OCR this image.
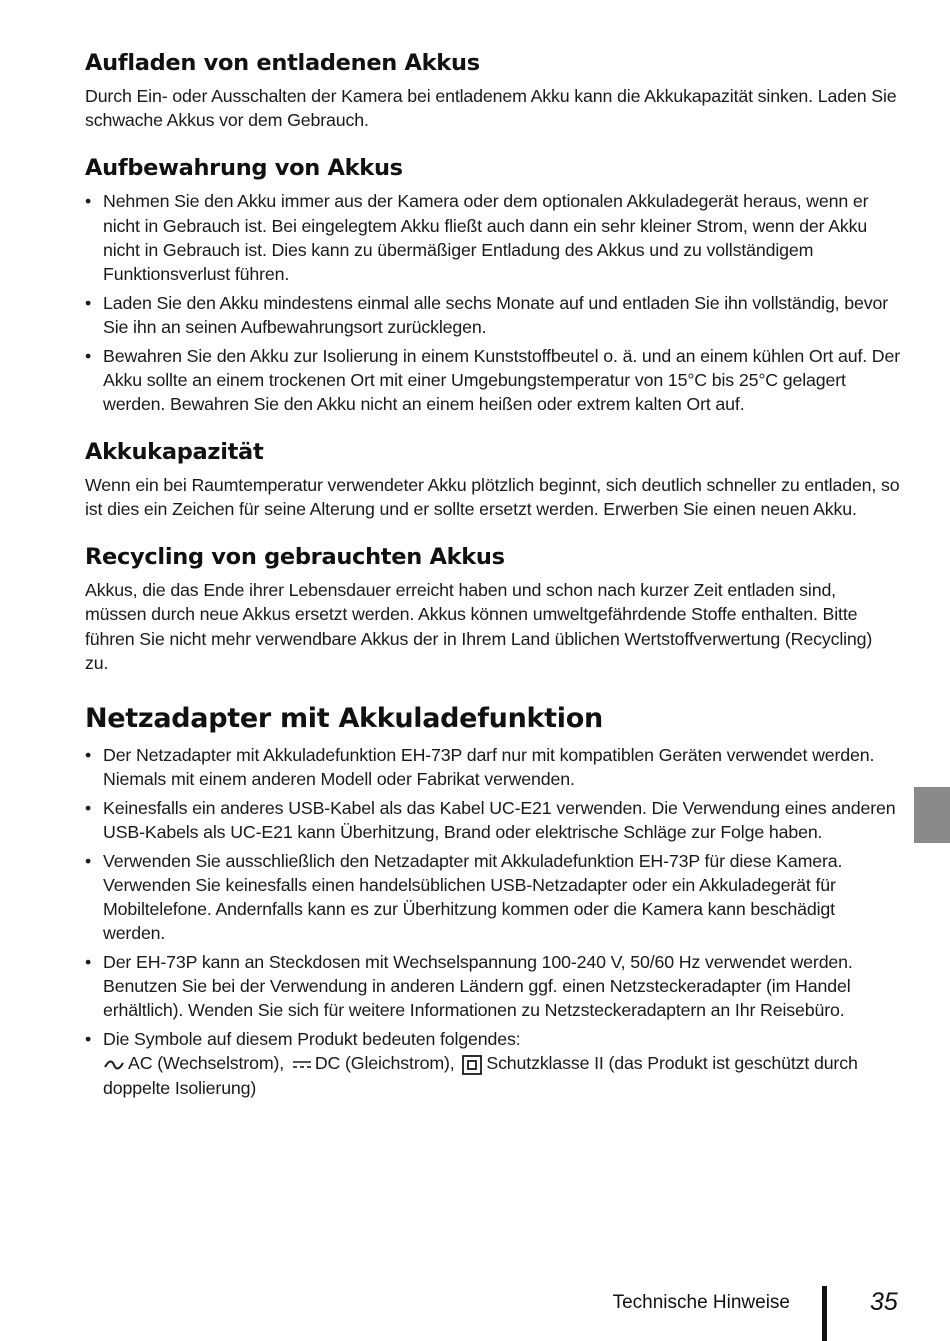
Aufladen von entladenen Akkus

Durch Ein- oder Ausschalten der Kamera bei entladenem Akku kann die Akkukapazität sinken. Laden Sie schwache Akkus vor dem Gebrauch.

Aufbewahrung von Akkus
• Nehmen Sie den Akku immer aus der Kamera oder dem optionalen Akkuladegerät heraus, wenn er nicht in Gebrauch ist. Bei eingelegtem Akku fließt auch dann ein sehr kleiner Strom, wenn der Akku nicht in Gebrauch ist. Dies kann zu übermäßiger Entladung des Akkus und zu vollständigem Funktionsverlust führen.
• Laden Sie den Akku mindestens einmal alle sechs Monate auf und entladen Sie ihn vollständig, bevor Sie ihn an seinen Aufbewahrungsort zurücklegen.
• Bewahren Sie den Akku zur Isolierung in einem Kunststoffbeutel o. ä. und an einem kühlen Ort auf. Der Akku sollte an einem trockenen Ort mit einer Umgebungstemperatur von 15°C bis 25°C gelagert werden. Bewahren Sie den Akku nicht an einem heißen oder extrem kalten Ort auf.
Akkukapazität

Wenn ein bei Raumtemperatur verwendeter Akku plötzlich beginnt, sich deutlich schneller zu entladen, so ist dies ein Zeichen für seine Alterung und er sollte ersetzt werden. Erwerben Sie einen neuen Akku.

Recycling von gebrauchten Akkus

Akkus, die das Ende ihrer Lebensdauer erreicht haben und schon nach kurzer Zeit entladen sind, müssen durch neue Akkus ersetzt werden. Akkus können umweltgefährdende Stoffe enthalten. Bitte führen Sie nicht mehr verwendbare Akkus der in Ihrem Land üblichen Wertstoffverwertung (Recycling) zu.

Netzadapter mit Akkuladefunktion
• Der Netzadapter mit Akkuladefunktion EH-73P darf nur mit kompatiblen Geräten verwendet werden. Niemals mit einem anderen Modell oder Fabrikat verwenden.
• Keinesfalls ein anderes USB-Kabel als das Kabel UC-E21 verwenden. Die Verwendung eines anderen USB-Kabels als UC-E21 kann Überhitzung, Brand oder elektrische Schläge zur Folge haben.
• Verwenden Sie ausschließlich den Netzadapter mit Akkuladefunktion EH-73P für diese Kamera. Verwenden Sie keinesfalls einen handelsüblichen USB-Netzadapter oder ein Akkuladegerät für Mobiltelefone. Andernfalls kann es zur Überhitzung kommen oder die Kamera kann beschädigt werden.
• Der EH-73P kann an Steckdosen mit Wechselspannung 100-240 V, 50/60 Hz verwendet werden. Benutzen Sie bei der Verwendung in anderen Ländern ggf. einen Netzsteckeradapter (im Handel erhältlich). Wenden Sie sich für weitere Informationen zu Netzsteckeradaptern an Ihr Reisebüro.
• Die Symbole auf diesem Produkt bedeuten folgendes:
AC (Wechselstrom), DC (Gleichstrom), Schutzklasse II (das Produkt ist geschützt durch doppelte Isolierung)
Technische Hinweise	35
